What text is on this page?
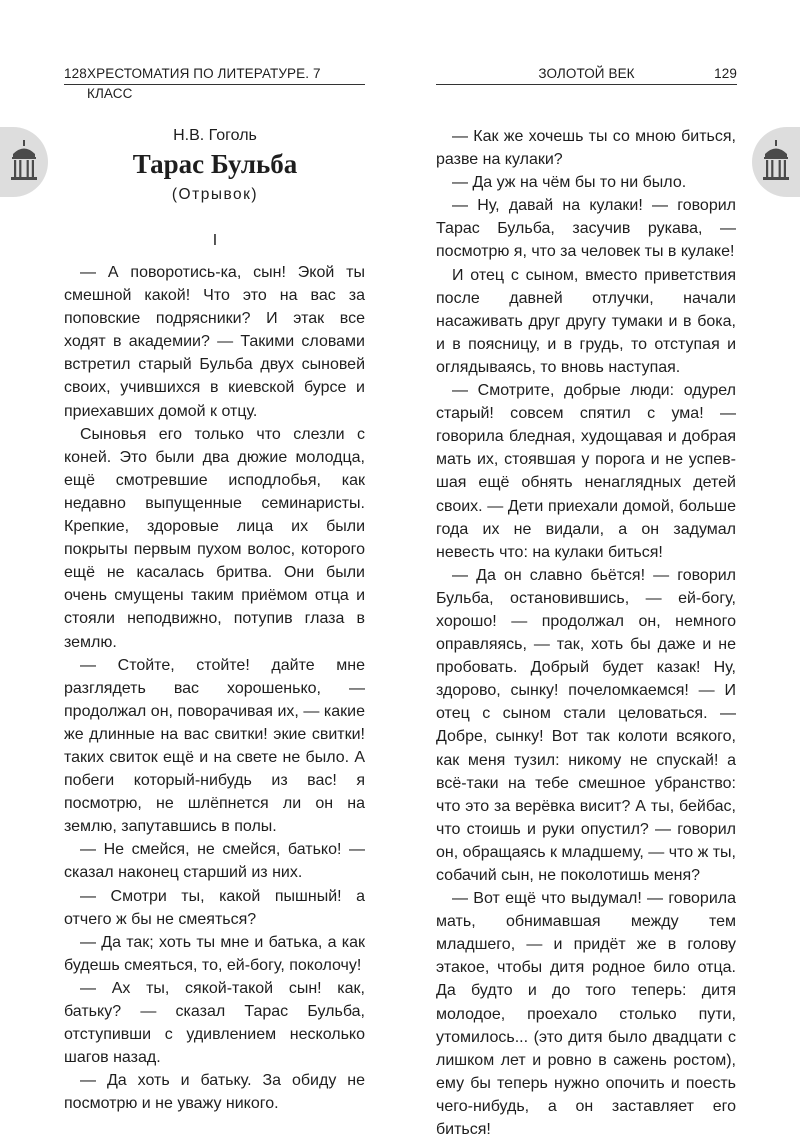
128 ХРЕСТОМАТИЯ ПО ЛИТЕРАТУРЕ. 7 КЛАСС
Н.В. Гоголь
Тарас Бульба
(Отрывок)
I

— А поворотись-ка, сын! Экой ты смешной какой! Что это на вас за поповские подрясники? И этак все ходят в академии? — Такими словами встретил старый Бульба двух сыновей своих, учившихся в киевской бурсе и приехавших домой к отцу.

Сыновья его только что слезли с коней. Это были два дюжие молодца, ещё смотревшие исподлобья, как недавно выпущенные семинаристы. Крепкие, здоровые лица их были покрыты первым пухом волос, которого ещё не касалась бритва. Они были очень смущены таким приёмом отца и стояли неподвижно, потупив глаза в землю.

— Стойте, стойте! дайте мне разглядеть вас хорошенько, — продолжал он, поворачивая их, — какие же длинные на вас свитки! экие свитки! таких свиток ещё и на свете не было. А побеги который-нибудь из вас! я посмотрю, не шлёпнется ли он на землю, запутавшись в полы.

— Не смейся, не смейся, батько! — сказал наконец старший из них.

— Смотри ты, какой пышный! а отчего ж бы не смеяться?

— Да так; хоть ты мне и батька, а как будешь смеяться, то, ей-богу, поколочу!

— Ах ты, сякой-такой сын! как, батьку? — сказал Тарас Бульба, отступивши с удивлением несколько шагов назад.

— Да хоть и батьку. За обиду не посмотрю и не уважу никого.

ЗОЛОТОЙ ВЕК	129

— Как же хочешь ты со мною биться, разве на кулаки?

— Да уж на чём бы то ни было.

— Ну, давай на кулаки! — говорил Тарас Бульба, засучив рукава, — посмотрю я, что за человек ты в кулаке!

И отец с сыном, вместо приветствия после давней отлучки, начали насаживать друг другу тумаки и в бока, и в поясницу, и в грудь, то отступая и оглядываясь, то вновь наступая.

— Смотрите, добрые люди: одурел старый! совсем спятил с ума! — говорила бледная, худощавая и добрая мать их, стоявшая у порога и не успевшая ещё обнять ненаглядных детей своих. — Дети приехали домой, больше года их не видали, а он задумал невесть что: на кулаки биться!

— Да он славно бьётся! — говорил Бульба, остановившись, — ей-богу, хорошо! — продолжал он, немного оправляясь, — так, хоть бы даже и не пробовать. Добрый будет казак! Ну, здорово, сынку! почеломкаемся! — И отец с сыном стали целоваться. — Добре, сынку! Вот так колоти всякого, как меня тузил: никому не спускай! а всё-таки на тебе смешное убранство: что это за верёвка висит? А ты, бейбас, что стоишь и руки опустил? — говорил он, обращаясь к младшему, — что ж ты, собачий сын, не поколотишь меня?

— Вот ещё что выдумал! — говорила мать, обнимавшая между тем младшего, — и придёт же в голову этакое, чтобы дитя родное било отца. Да будто и до того теперь: дитя молодое, проехало столько пути, утомилось... (это дитя было двадцати с лишком лет и ровно в сажень ростом), ему бы теперь нужно опочить и поесть чего-нибудь, а он заставляет его биться!
